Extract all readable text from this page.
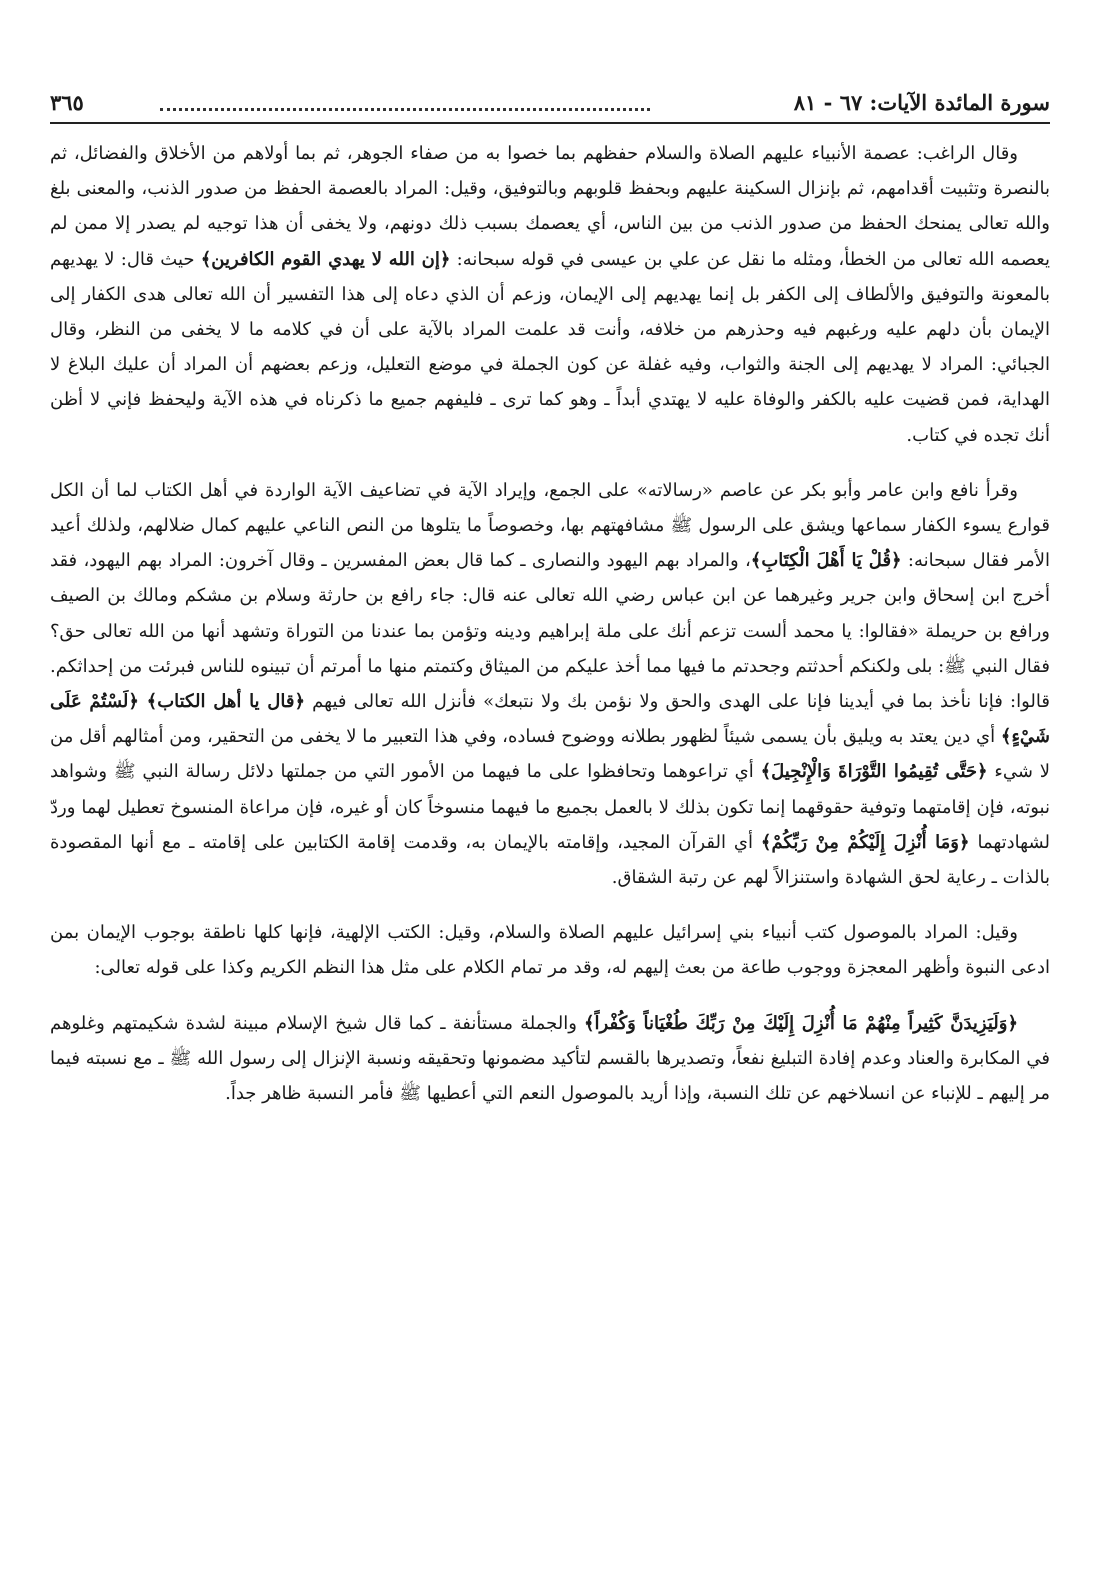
سورة المائدة الآيات: ٦٧ - ٨١
٣٦٥

وقال الراغب: عصمة الأنبياء عليهم الصلاة والسلام حفظهم بما خصوا به من صفاء الجوهر، ثم بما أولاهم من الأخلاق والفضائل، ثم بالنصرة وتثبيت أقدامهم، ثم بإنزال السكينة عليهم وبحفظ قلوبهم وبالتوفيق، وقيل: المراد بالعصمة الحفظ من صدور الذنب، والمعنى بلغ والله تعالى يمنحك الحفظ من صدور الذنب من بين الناس، أي يعصمك بسبب ذلك دونهم، ولا يخفى أن هذا توجيه لم يصدر إلا ممن لم يعصمه الله تعالى من الخطأ، ومثله ما نقل عن علي بن عيسى في قوله سبحانه: ﴿إن الله لا يهدي القوم الكافرين﴾ حيث قال: لا يهديهم بالمعونة والتوفيق والألطاف إلى الكفر بل إنما يهديهم إلى الإيمان، وزعم أن الذي دعاه إلى هذا التفسير أن الله تعالى هدى الكفار إلى الإيمان بأن دلهم عليه ورغبهم فيه وحذرهم من خلافه، وأنت قد علمت المراد بالآية على أن في كلامه ما لا يخفى من النظر، وقال الجبائي: المراد لا يهديهم إلى الجنة والثواب، وفيه غفلة عن كون الجملة في موضع التعليل، وزعم بعضهم أن المراد أن عليك البلاغ لا الهداية، فمن قضيت عليه بالكفر والوفاة عليه لا يهتدي أبداً ـ وهو كما ترى ـ فليفهم جميع ما ذكرناه في هذه الآية وليحفظ فإني لا أظن أنك تجده في كتاب.

وقرأ نافع وابن عامر وأبو بكر عن عاصم «رسالاته» على الجمع، وإيراد الآية في تضاعيف الآية الواردة في أهل الكتاب لما أن الكل قوارع يسوء الكفار سماعها ويشق على الرسول ﷺ مشافهتهم بها، وخصوصاً ما يتلوها من النص الناعي عليهم كمال ضلالهم، ولذلك أعيد الأمر فقال سبحانه: ﴿قُلْ يَا أَهْلَ الْكِتَابِ﴾، والمراد بهم اليهود والنصارى ـ كما قال بعض المفسرين ـ وقال آخرون: المراد بهم اليهود، فقد أخرج ابن إسحاق وابن جرير وغيرهما عن ابن عباس رضي الله تعالى عنه قال: جاء رافع بن حارثة وسلام بن مشكم ومالك بن الصيف ورافع بن حريملة «فقالوا: يا محمد ألست تزعم أنك على ملة إبراهيم ودينه وتؤمن بما عندنا من التوراة وتشهد أنها من الله تعالى حق؟ فقال النبي ﷺ: بلى ولكنكم أحدثتم وجحدتم ما فيها مما أخذ عليكم من الميثاق وكتمتم منها ما أمرتم أن تبينوه للناس فبرئت من إحداثكم. قالوا: فإنا نأخذ بما في أيدينا فإنا على الهدى والحق ولا نؤمن بك ولا نتبعك» فأنزل الله تعالى فيهم ﴿قال يا أهل الكتاب﴾ ﴿لَسْتُمْ عَلَى شَيْءٍ﴾ أي دين يعتد به ويليق بأن يسمى شيئاً لظهور بطلانه ووضوح فساده، وفي هذا التعبير ما لا يخفى من التحقير، ومن أمثالهم أقل من لا شيء ﴿حَتَّى تُقِيمُوا التَّوْرَاةَ وَالْإِنْجِيلَ﴾ أي تراعوهما وتحافظوا على ما فيهما من الأمور التي من جملتها دلائل رسالة النبي ﷺ وشواهد نبوته، فإن إقامتهما وتوفية حقوقهما إنما تكون بذلك لا بالعمل بجميع ما فيهما منسوخاً كان أو غيره، فإن مراعاة المنسوخ تعطيل لهما وردّ لشهادتهما ﴿وَمَا أُنْزِلَ إِلَيْكُمْ مِنْ رَبِّكُمْ﴾ أي القرآن المجيد، وإقامته بالإيمان به، وقدمت إقامة الكتابين على إقامته ـ مع أنها المقصودة بالذات ـ رعاية لحق الشهادة واستنزالاً لهم عن رتبة الشقاق.

وقيل: المراد بالموصول كتب أنبياء بني إسرائيل عليهم الصلاة والسلام، وقيل: الكتب الإلهية، فإنها كلها ناطقة بوجوب الإيمان بمن ادعى النبوة وأظهر المعجزة ووجوب طاعة من بعث إليهم له، وقد مر تمام الكلام على مثل هذا النظم الكريم وكذا على قوله تعالى:

﴿وَلَيَزِيدَنَّ كَثِيراً مِنْهُمْ مَا أُنْزِلَ إِلَيْكَ مِنْ رَبِّكَ طُغْيَاناً وَكُفْراً﴾ والجملة مستأنفة ـ كما قال شيخ الإسلام مبينة لشدة شكيمتهم وغلوهم في المكابرة والعناد وعدم إفادة التبليغ نفعاً، وتصديرها بالقسم لتأكيد مضمونها وتحقيقه ونسبة الإنزال إلى رسول الله ﷺ ـ مع نسبته فيما مر إليهم ـ للإنباء عن انسلاخهم عن تلك النسبة، وإذا أريد بالموصول النعم التي أعطيها ﷺ فأمر النسبة ظاهر جداً.
